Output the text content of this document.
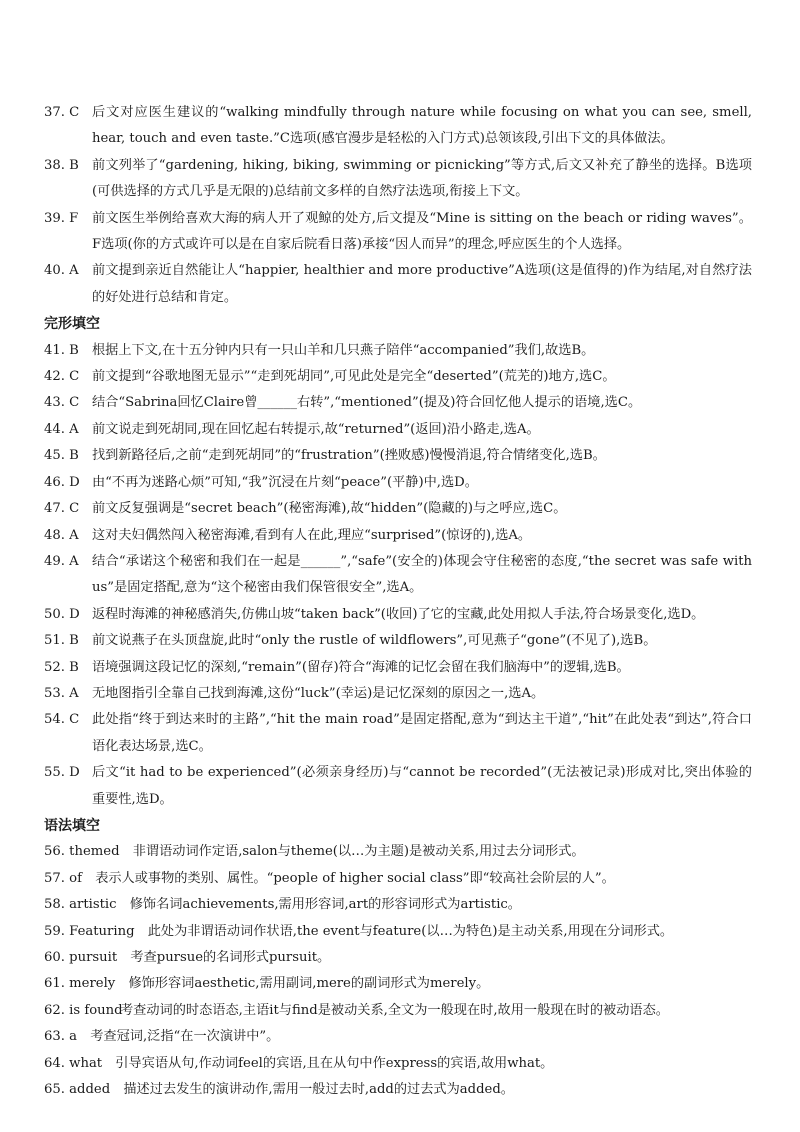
37. C 后文对应医生建议的“walking mindfully through nature while focusing on what you can see, smell, hear, touch and even taste.”C选项(感官漫步是轻松的入门方式)总领该段,引出下文的具体做法。
38. B 前文列举了“gardening, hiking, biking, swimming or picnicking”等方式,后文又补充了静坐的选择。B选项(可供选择的方式几乎是无限的)总结前文多样的自然疗法选项,衔接上下文。
39. F 前文医生举例给喜欢大海的病人开了观鲸的处方,后文提及“Mine is sitting on the beach or riding waves”。F选项(你的方式或许可以是在自家后院看日落)承接“因人而异”的理念,呼应医生的个人选择。
40. A 前文提到亲近自然能让人“happier, healthier and more productive”A选项(这是值得的)作为结尾,对自然疗法的好处进行总结和肯定。
完形填空
41. B 根据上下文,在十五分钟内只有一只山羊和几只燕子陪伴“accompanied”我们,故选B。
42. C 前文提到“谷歌地图无显示”“走到死胡同”,可见此处是完全“deserted”(荒芜的)地方,选C。
43. C 结合“Sabrina回忆Claire曾______右转”,“mentioned”(提及)符合回忆他人提示的语境,选C。
44. A 前文说走到死胡同,现在回忆起右转提示,故“returned”(返回)沿小路走,选A。
45. B 找到新路径后,之前“走到死胡同”的“frustration”(挫败感)慢慢消退,符合情绪变化,选B。
46. D 由“不再为迷路心烦”可知,“我”沉浸在片刻“peace”(平静)中,选D。
47. C 前文反复强调是“secret beach”(秘密海滩),故“hidden”(隐藏的)与之呼应,选C。
48. A 这对夫妇偶然闯入秘密海滩,看到有人在此,理应“surprised”(惊讶的),选A。
49. A 结合“承诺这个秘密和我们在一起是______”,“safe”(安全的)体现会守住秘密的态度,“the secret was safe with us”是固定搭配,意为“这个秘密由我们保管很安全”,选A。
50. D 返程时海滩的神秘感消失,仿佛山坡“taken back”(收回)了它的宝藏,此处用拟人手法,符合场景变化,选D。
51. B 前文说燕子在头顶盘旋,此时“only the rustle of wildflowers”,可见燕子“gone”(不见了),选B。
52. B 语境强调这段记忆的深刻,“remain”(留存)符合“海滩的记忆会留在我们脑海中”的逻辑,选B。
53. A 无地图指引全靠自己找到海滩,这份“luck”(幸运)是记忆深刻的原因之一,选A。
54. C 此处指“终于到达来时的主路”,“hit the main road”是固定搭配,意为“到达主干道”,“hit”在此处表“到达”,符合口语化表达场景,选C。
55. D 后文“it had to be experienced”(必须亲身经历)与“cannot be recorded”(无法被记录)形成对比,突出体验的重要性,选D。
语法填空
56. themed  非谓语动词作定语,salon与theme(以…为主题)是被动关系,用过去分词形式。
57. of  表示人或事物的类别、属性。“people of higher social class”即“较高社会阶层的人”。
58. artistic  修饰名词achievements,需用形容词,art的形容词形式为artistic。
59. Featuring  此处为非谓语动词作状语,the event与feature(以…为特色)是主动关系,用现在分词形式。
60. pursuit  考查pursue的名词形式pursuit。
61. merely  修饰形容词aesthetic,需用副词,mere的副词形式为merely。
62. is found
考查动词的时态语态,主语it与find是被动关系,全文为一般现在时,故用一般现在时的被动语态。
63. a  考查冠词,泛指“在一次演讲中”。
64. what  引导宾语从句,作动词feel的宾语,且在从句中作express的宾语,故用what。
65. added  描述过去发生的演讲动作,需用一般过去时,add的过去式为added。
